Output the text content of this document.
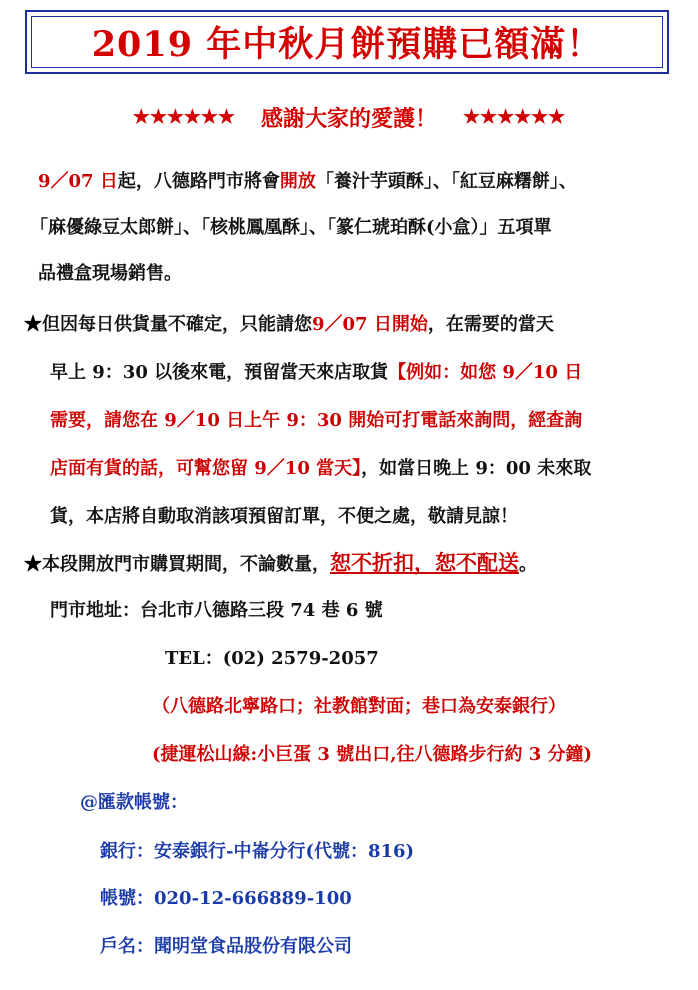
2019 年中秋月餅預購已額滿！
★★★★★★ 感謝大家的愛護！ ★★★★★★
9／07 日起，八德路門市將會開放「養汁芋頭酥」、「紅豆麻糬餅」、
「麻優綠豆太郎餅」、「核桃鳳凰酥」、「篆仁琥珀酥(小盒）」五項單
品禮盒現場銷售。
★但因每日供貨量不確定，只能請您9／07 日開始，在需要的當天
早上 9：30 以後來電，預留當天來店取貨【例如：如您 9／10 日
需要，請您在 9／10 日上午 9：30 開始可打電話來詢問，經查詢
店面有貨的話，可幫您留 9／10 當天】，如當日晚上 9：00 未來取
貨，本店將自動取消該項預留訂單，不便之處，敬請見諒！
★本段開放門市購買期間，不論數量，恕不折扣，恕不配送。
門市地址：台北市八德路三段 74 巷 6 號
TEL：(02) 2579-2057
（八德路北寧路口；社教館對面；巷口為安泰銀行）
(捷運松山線:小巨蛋 3 號出口,往八德路步行約 3 分鐘)
@匯款帳號：
銀行：安泰銀行-中崙分行(代號：816)
帳號：020-12-666889-100
戶名：聞明堂食品股份有限公司
